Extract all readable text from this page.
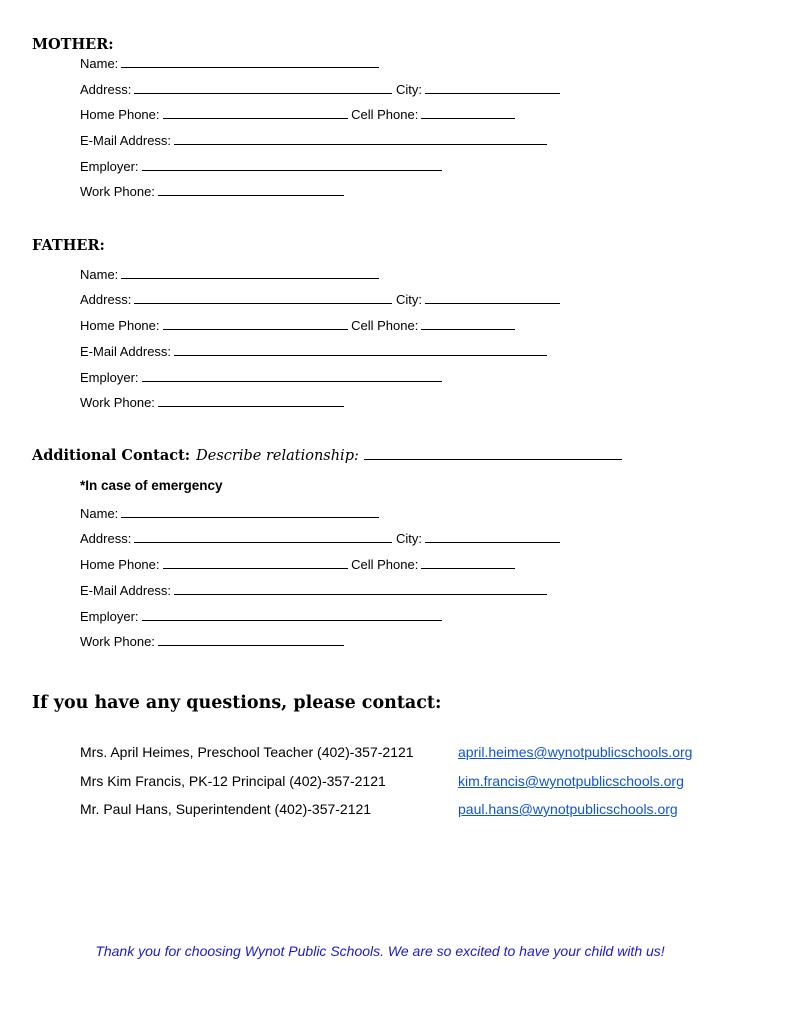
MOTHER:
Name:
Address:	City:
Home Phone:	Cell Phone:
E-Mail Address:
Employer:
Work Phone:
FATHER:
Name:
Address:	City:
Home Phone:	Cell Phone:
E-Mail Address:
Employer:
Work Phone:
Additional Contact: Describe relationship:
*In case of emergency
Name:
Address:	City:
Home Phone:	Cell Phone:
E-Mail Address:
Employer:
Work Phone:
If you have any questions, please contact:
Mrs. April Heimes, Preschool Teacher (402)-357-2121	april.heimes@wynotpublicschools.org
Mrs Kim Francis, PK-12 Principal (402)-357-2121	kim.francis@wynotpublicschools.org
Mr. Paul Hans, Superintendent (402)-357-2121	paul.hans@wynotpublicschools.org
Thank you for choosing Wynot Public Schools. We are so excited to have your child with us!
